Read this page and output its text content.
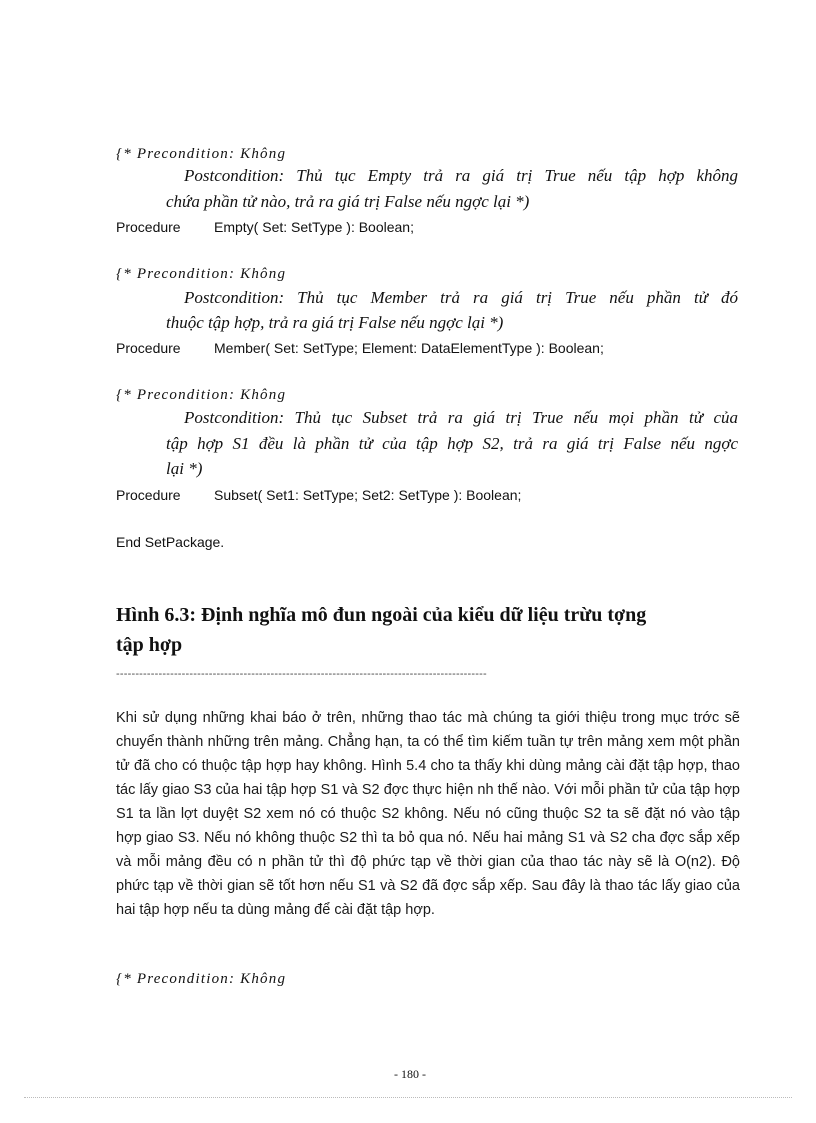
{* Precondition: Không
Postcondition: Thủ tục Empty trả ra giá trị True nếu tập hợp không
chứa phần tử nào, trả ra giá trị False nếu ngợc lại *)
Procedure Empty( Set: SetType ): Boolean;
{* Precondition: Không
Postcondition: Thủ tục Member trả ra giá trị True nếu phần tử đó
thuộc tập hợp, trả ra giá trị False nếu ngợc lại *)
Procedure Member( Set: SetType; Element: DataElementType ): Boolean;
{* Precondition: Không
Postcondition: Thủ tục Subset trả ra giá trị True nếu mọi phần tử của
tập hợp S1 đều là phần tử của tập hợp S2, trả ra giá trị False nếu ngợc
lại *)
Procedure Subset( Set1: SetType; Set2: SetType ): Boolean;
End SetPackage.
Hình 6.3: Định nghĩa mô đun ngoài của kiểu dữ liệu trừu tợng
tập hợp
------------------------------------------------------------------------------------------------
Khi sử dụng những khai báo ở trên, những thao tác mà chúng ta giới thiệu trong mục trớc sẽ chuyển thành những trên mảng. Chẳng hạn, ta có thể tìm kiếm tuần tự trên mảng xem một phần tử đã cho có thuộc tập hợp hay không. Hình 5.4 cho ta thấy khi dùng mảng cài đặt tập hợp, thao tác lấy giao S3 của hai tập hợp S1 và S2 đợc thực hiện nh thế nào. Với mỗi phần tử của tập hợp S1 ta lần lợt duyệt S2 xem nó có thuộc S2 không. Nếu nó cũng thuộc S2 ta sẽ đặt nó vào tập hợp giao S3. Nếu nó không thuộc S2 thì ta bỏ qua nó. Nếu hai mảng S1 và S2 cha đợc sắp xếp và mỗi mảng đều có n phần tử thì độ phức tạp về thời gian của thao tác này sẽ là O(n2). Độ phức tạp về thời gian sẽ tốt hơn nếu S1 và S2 đã đợc sắp xếp. Sau đây là thao tác lấy giao của hai tập hợp nếu ta dùng mảng để cài đặt tập hợp.
{* Precondition: Không
- 180 -
